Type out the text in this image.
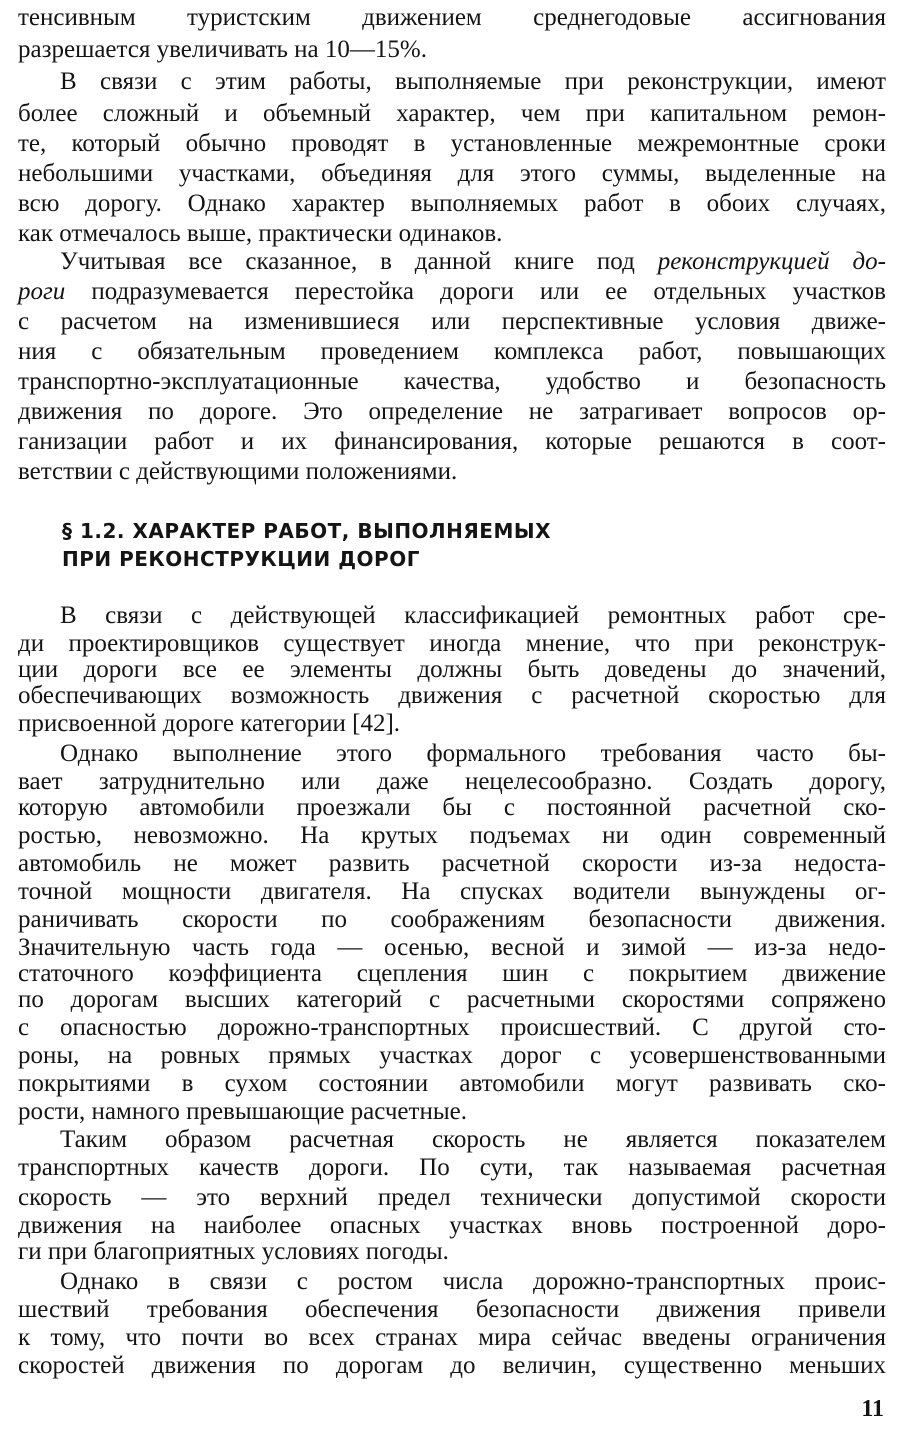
тенсивным туристским движением среднегодовые ассигнования
разрешается увеличивать на 10—15%.
В связи с этим работы, выполняемые при реконструкции, имеют
более сложный и объемный характер, чем при капитальном ремон-
те, который обычно проводят в установленные межремонтные сроки
небольшими участками, объединяя для этого суммы, выделенные на
всю дорогу. Однако характер выполняемых работ в обоих случаях,
как отмечалось выше, практически одинаков.
Учитывая все сказанное, в данной книге под реконструкцией до-
роги подразумевается перестойка дороги или ее отдельных участков
с расчетом на изменившиеся или перспективные условия движе-
ния с обязательным проведением комплекса работ, повышающих
транспортно-эксплуатационные качества, удобство и безопасность
движения по дороге. Это определение не затрагивает вопросов ор-
ганизации работ и их финансирования, которые решаются в соот-
ветствии с действующими положениями.
§ 1.2. ХАРАКТЕР РАБОТ, ВЫПОЛНЯЕМЫХ
ПРИ РЕКОНСТРУКЦИИ ДОРОГ
В связи с действующей классификацией ремонтных работ сре-
ди проектировщиков существует иногда мнение, что при реконструк-
ции дороги все ее элементы должны быть доведены до значений,
обеспечивающих возможность движения с расчетной скоростью для
присвоенной дороге категории [42].
Однако выполнение этого формального требования часто бы-
вает затруднительно или даже нецелесообразно. Создать дорогу,
которую автомобили проезжали бы с постоянной расчетной ско-
ростью, невозможно. На крутых подъемах ни один современный
автомобиль не может развить расчетной скорости из-за недоста-
точной мощности двигателя. На спусках водители вынуждены ог-
раничивать скорости по соображениям безопасности движения.
Значительную часть года — осенью, весной и зимой — из-за недо-
статочного коэффициента сцепления шин с покрытием движение
по дорогам высших категорий с расчетными скоростями сопряжено
с опасностью дорожно-транспортных происшествий. С другой сто-
роны, на ровных прямых участках дорог с усовершенствованными
покрытиями в сухом состоянии автомобили могут развивать ско-
рости, намного превышающие расчетные.
Таким образом расчетная скорость не является показателем
транспортных качеств дороги. По сути, так называемая расчетная
скорость — это верхний предел технически допустимой скорости
движения на наиболее опасных участках вновь построенной доро-
ги при благоприятных условиях погоды.
Однако в связи с ростом числа дорожно-транспортных проис-
шествий требования обеспечения безопасности движения привели
к тому, что почти во всех странах мира сейчас введены ограничения
скоростей движения по дорогам до величин, существенно меньших
11
